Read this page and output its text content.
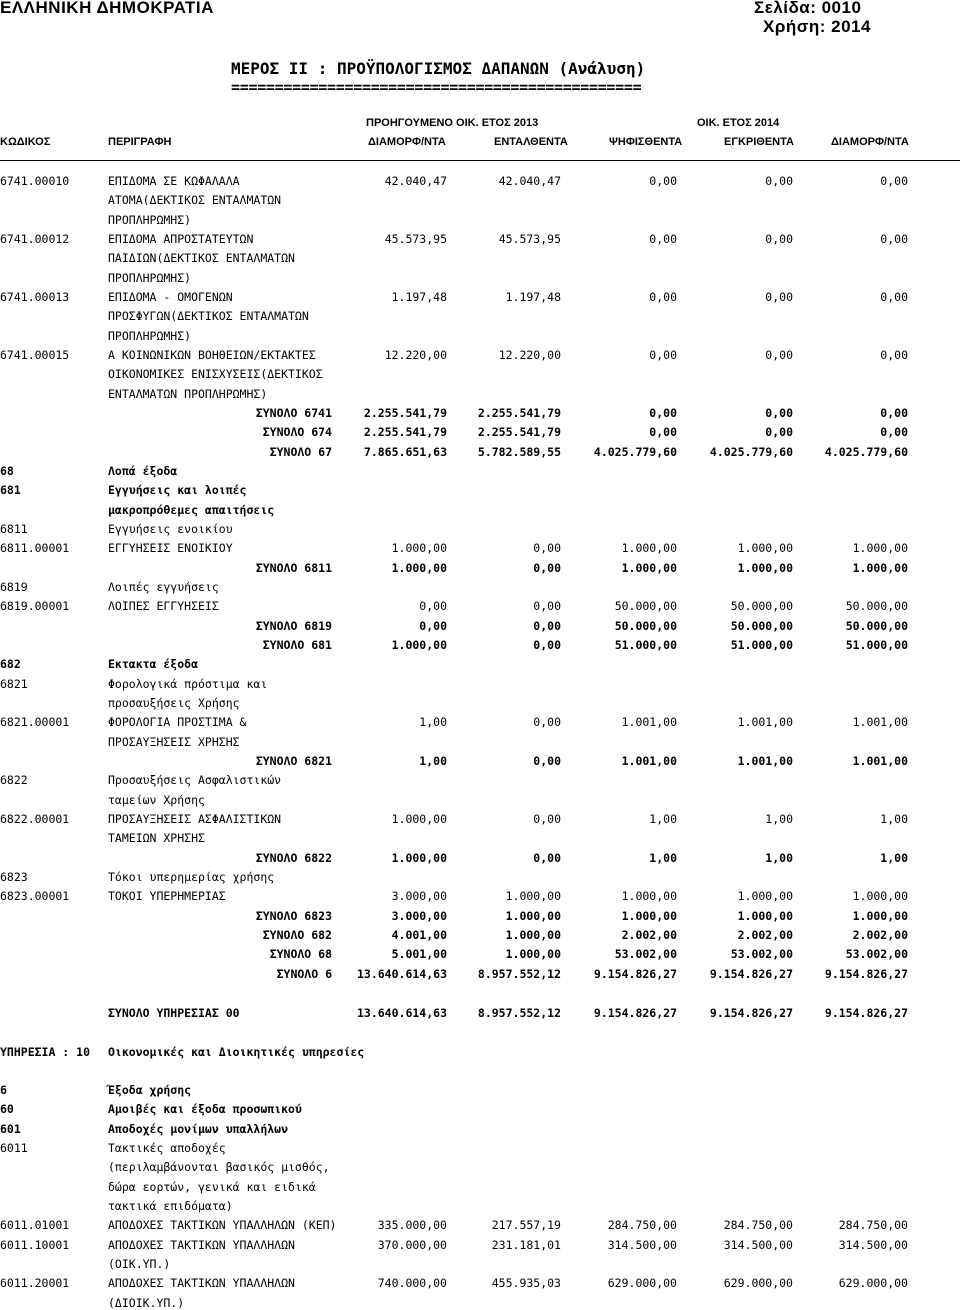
ΕΛΛΗΝΙΚΗ ΔΗΜΟΚΡΑΤΙΑ	Σελίδα: 0010
Χρήση: 2014
ΜΕΡΟΣ ΙΙ : ΠΡΟΫΠΟΛΟΓΙΣΜΟΣ ΔΑΠΑΝΩΝ (Ανάλυση)
===============================================
ΠΡΟΗΓΟΥΜΕΝΟ ΟΙΚ. ΕΤΟΣ 2013	ΟΙΚ. ΕΤΟΣ 2014
ΚΩΔΙΚΟΣ	ΠΕΡΙΓΡΑΦΗ	ΔΙΑΜΟΡΦ/ΝΤΑ	ΕΝΤΑΛΘΕΝΤΑ	ΨΗΦΙΣΘΕΝΤΑ	ΕΓΚΡΙΘΕΝΤΑ	ΔΙΑΜΟΡΦ/ΝΤΑ
6741.00010	ΕΠΙΔΟΜΑ ΣΕ ΚΩΦΑΛΑΛΑ	42.040,47	42.040,47	0,00	0,00	0,00
ΑΤΟΜΑ(ΔΕΚΤΙΚΟΣ ΕΝΤΑΛΜΑΤΩΝ
ΠΡΟΠΛΗΡΩΜΗΣ)
6741.00012	ΕΠΙΔΟΜΑ ΑΠΡΟΣΤΑΤΕΥΤΩΝ	45.573,95	45.573,95	0,00	0,00	0,00
ΠΑΙΔΙΩΝ(ΔΕΚΤΙΚΟΣ ΕΝΤΑΛΜΑΤΩΝ
ΠΡΟΠΛΗΡΩΜΗΣ)
6741.00013	ΕΠΙΔΟΜΑ - ΟΜΟΓΕΝΩΝ	1.197,48	1.197,48	0,00	0,00	0,00
ΠΡΟΣΦΥΓΩΝ(ΔΕΚΤΙΚΟΣ ΕΝΤΑΛΜΑΤΩΝ
ΠΡΟΠΛΗΡΩΜΗΣ)
6741.00015	Α ΚΟΙΝΩΝΙΚΩΝ ΒΟΗΘΕΙΩΝ/ΕΚΤΑΚΤΕΣ	12.220,00	12.220,00	0,00	0,00	0,00
ΟΙΚΟΝΟΜΙΚΕΣ ΕΝΙΣΧΥΣΕΙΣ(ΔΕΚΤΙΚΟΣ
ΕΝΤΑΛΜΑΤΩΝ ΠΡΟΠΛΗΡΩΜΗΣ)
ΣΥΝΟΛΟ 6741	2.255.541,79	2.255.541,79	0,00	0,00	0,00
ΣΥΝΟΛΟ 674	2.255.541,79	2.255.541,79	0,00	0,00	0,00
ΣΥΝΟΛΟ 67	7.865.651,63	5.782.589,55	4.025.779,60	4.025.779,60	4.025.779,60
68	Λοπά έξοδα
681	Εγγυήσεις και λοιπές
μακροπρόθεμες απαιτήσεις
6811	Εγγυήσεις ενοικίου
6811.00001	ΕΓΓΥΗΣΕΙΣ ΕΝΟΙΚΙΟΥ	1.000,00	0,00	1.000,00	1.000,00	1.000,00
ΣΥΝΟΛΟ 6811	1.000,00	0,00	1.000,00	1.000,00	1.000,00
6819	Λοιπές εγγυήσεις
6819.00001	ΛΟΙΠΕΣ ΕΓΓΥΗΣΕΙΣ	0,00	0,00	50.000,00	50.000,00	50.000,00
ΣΥΝΟΛΟ 6819	0,00	0,00	50.000,00	50.000,00	50.000,00
ΣΥΝΟΛΟ 681	1.000,00	0,00	51.000,00	51.000,00	51.000,00
682	Εκτακτα έξοδα
6821	Φορολογικά πρόστιμα και
προσαυξήσεις Χρήσης
6821.00001	ΦΟΡΟΛΟΓΙΑ ΠΡΟΣΤΙΜΑ &	1,00	0,00	1.001,00	1.001,00	1.001,00
ΠΡΟΣΑΥΞΗΣΕΙΣ ΧΡΗΣΗΣ
ΣΥΝΟΛΟ 6821	1,00	0,00	1.001,00	1.001,00	1.001,00
6822	Προσαυξήσεις Ασφαλιστικών
ταμείων Χρήσης
6822.00001	ΠΡΟΣΑΥΞΗΣΕΙΣ ΑΣΦΑΛΙΣΤΙΚΩΝ	1.000,00	0,00	1,00	1,00	1,00
ΤΑΜΕΙΩΝ ΧΡΗΣΗΣ
ΣΥΝΟΛΟ 6822	1.000,00	0,00	1,00	1,00	1,00
6823	Τόκοι υπερημερίας χρήσης
6823.00001	ΤΟΚΟΙ ΥΠΕΡΗΜΕΡΙΑΣ	3.000,00	1.000,00	1.000,00	1.000,00	1.000,00
ΣΥΝΟΛΟ 6823	3.000,00	1.000,00	1.000,00	1.000,00	1.000,00
ΣΥΝΟΛΟ 682	4.001,00	1.000,00	2.002,00	2.002,00	2.002,00
ΣΥΝΟΛΟ 68	5.001,00	1.000,00	53.002,00	53.002,00	53.002,00
ΣΥΝΟΛΟ 6 13.640.614,63	8.957.552,12	9.154.826,27	9.154.826,27	9.154.826,27
ΣΥΝΟΛΟ ΥΠΗΡΕΣΙΑΣ 00	13.640.614,63	8.957.552,12	9.154.826,27	9.154.826,27	9.154.826,27
ΥΠΗΡΕΣΙΑ : 10 Οικονομικές και Διοικητικές υπηρεσίες
6	Έξοδα χρήσης
60	Αμοιβές και έξοδα προσωπικού
601	Αποδοχές μονίμων υπαλλήλων
6011	Τακτικές αποδοχές
(περιλαμβάνονται βασικός μισθός,
δώρα εορτών, γενικά και ειδικά
τακτικά επιδόματα)
6011.01001	ΑΠΟΔΟΧΕΣ ΤΑΚΤΙΚΩΝ ΥΠΑΛΛΗΛΩΝ (ΚΕΠ)	335.000,00	217.557,19	284.750,00	284.750,00	284.750,00
6011.10001	ΑΠΟΔΟΧΕΣ ΤΑΚΤΙΚΩΝ ΥΠΑΛΛΗΛΩΝ	370.000,00	231.181,01	314.500,00	314.500,00	314.500,00
(ΟΙΚ.ΥΠ.)
6011.20001	ΑΠΟΔΟΧΕΣ ΤΑΚΤΙΚΩΝ ΥΠΑΛΛΗΛΩΝ	740.000,00	455.935,03	629.000,00	629.000,00	629.000,00
(ΔΙΟΙΚ.ΥΠ.)
